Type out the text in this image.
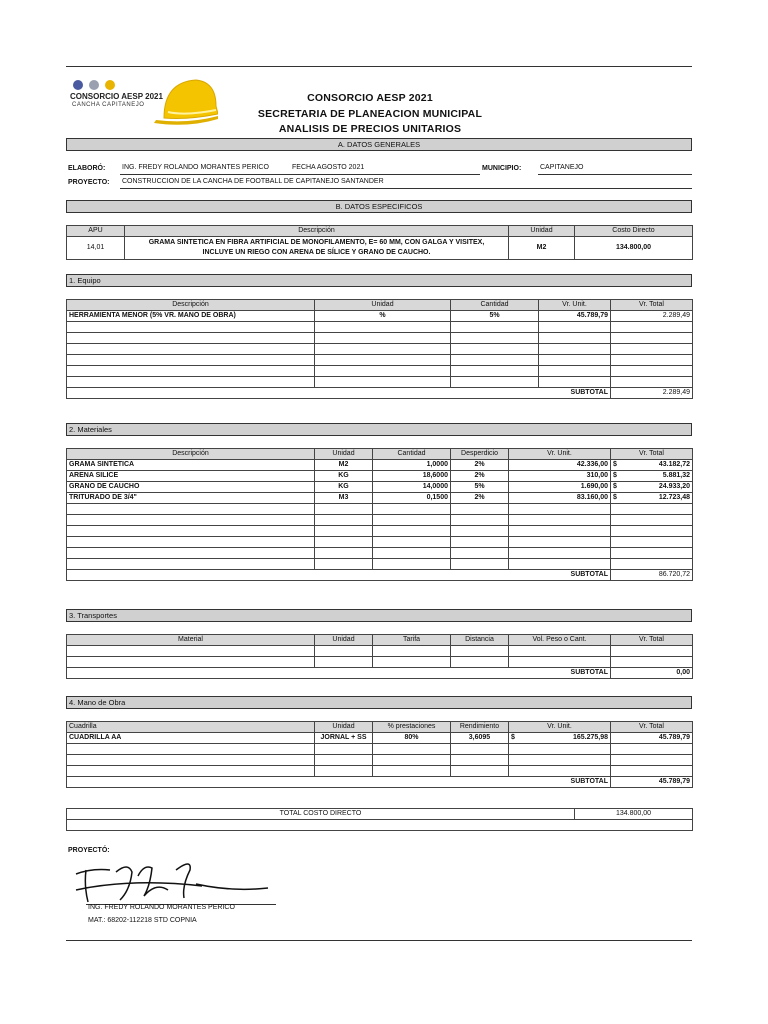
CONSORCIO AESP 2021
CANCHA CAPITANEJO
CONSORCIO AESP 2021
SECRETARIA DE PLANEACION MUNICIPAL
ANALISIS DE PRECIOS UNITARIOS
A. DATOS GENERALES
ELABORÓ: ING. FREDY ROLANDO MORANTES PERICO	FECHA AGOSTO 2021	MUNICIPIO:	CAPITANEJO
PROYECTO: CONSTRUCCION DE LA CANCHA DE FOOTBALL DE CAPITANEJO SANTANDER
B. DATOS ESPECIFICOS
APU	Descripción	Unidad	Costo Directo
14,01	GRAMA SINTETICA EN FIBRA ARTIFICIAL DE MONOFILAMENTO, E= 60 MM, CON GALGA Y VISITEX,
INCLUYE UN RIEGO CON ARENA DE SÍLICE Y GRANO DE CAUCHO.	M2	134.800,00
1. Equipo
Descripción	Unidad	Cantidad	Vr. Unit.	Vr. Total
HERRAMIENTA MENOR (5% VR. MANO DE OBRA)	%	5%	45.789,79	2.289,49

			SUBTOTAL	2.289,49
2. Materiales
Descripción	Unidad	Cantidad	Desperdicio	Vr. Unit.	Vr. Total
GRAMA SINTETICA	M2	1,0000	2%	42.336,00	$ 43.182,72
ARENA SILICE	KG	18,6000	2%	310,00	$ 5.881,32
GRANO DE CAUCHO	KG	14,0000	5%	1.690,00	$ 24.933,20
TRITURADO DE 3/4"	M3	0,1500	2%	83.160,00	$ 12.723,48

				SUBTOTAL	86.720,72
3. Transportes
Material	Unidad	Tarifa	Distancia	Vol. Peso o Cant.	Vr. Total

				SUBTOTAL	0,00
4. Mano de Obra
Cuadrilla	Unidad	% prestaciones	Rendimiento	Vr. Unit.	Vr. Total
CUADRILLA AA	JORNAL + SS	80%	3,6095	$ 165.275,98	45.789,79

				SUBTOTAL	45.789,79
TOTAL COSTO DIRECTO	134.800,00

PROYECTÓ:
ING. FREDY ROLANDO MORANTES PERICO
MAT.: 68202-112218 STD COPNIA
